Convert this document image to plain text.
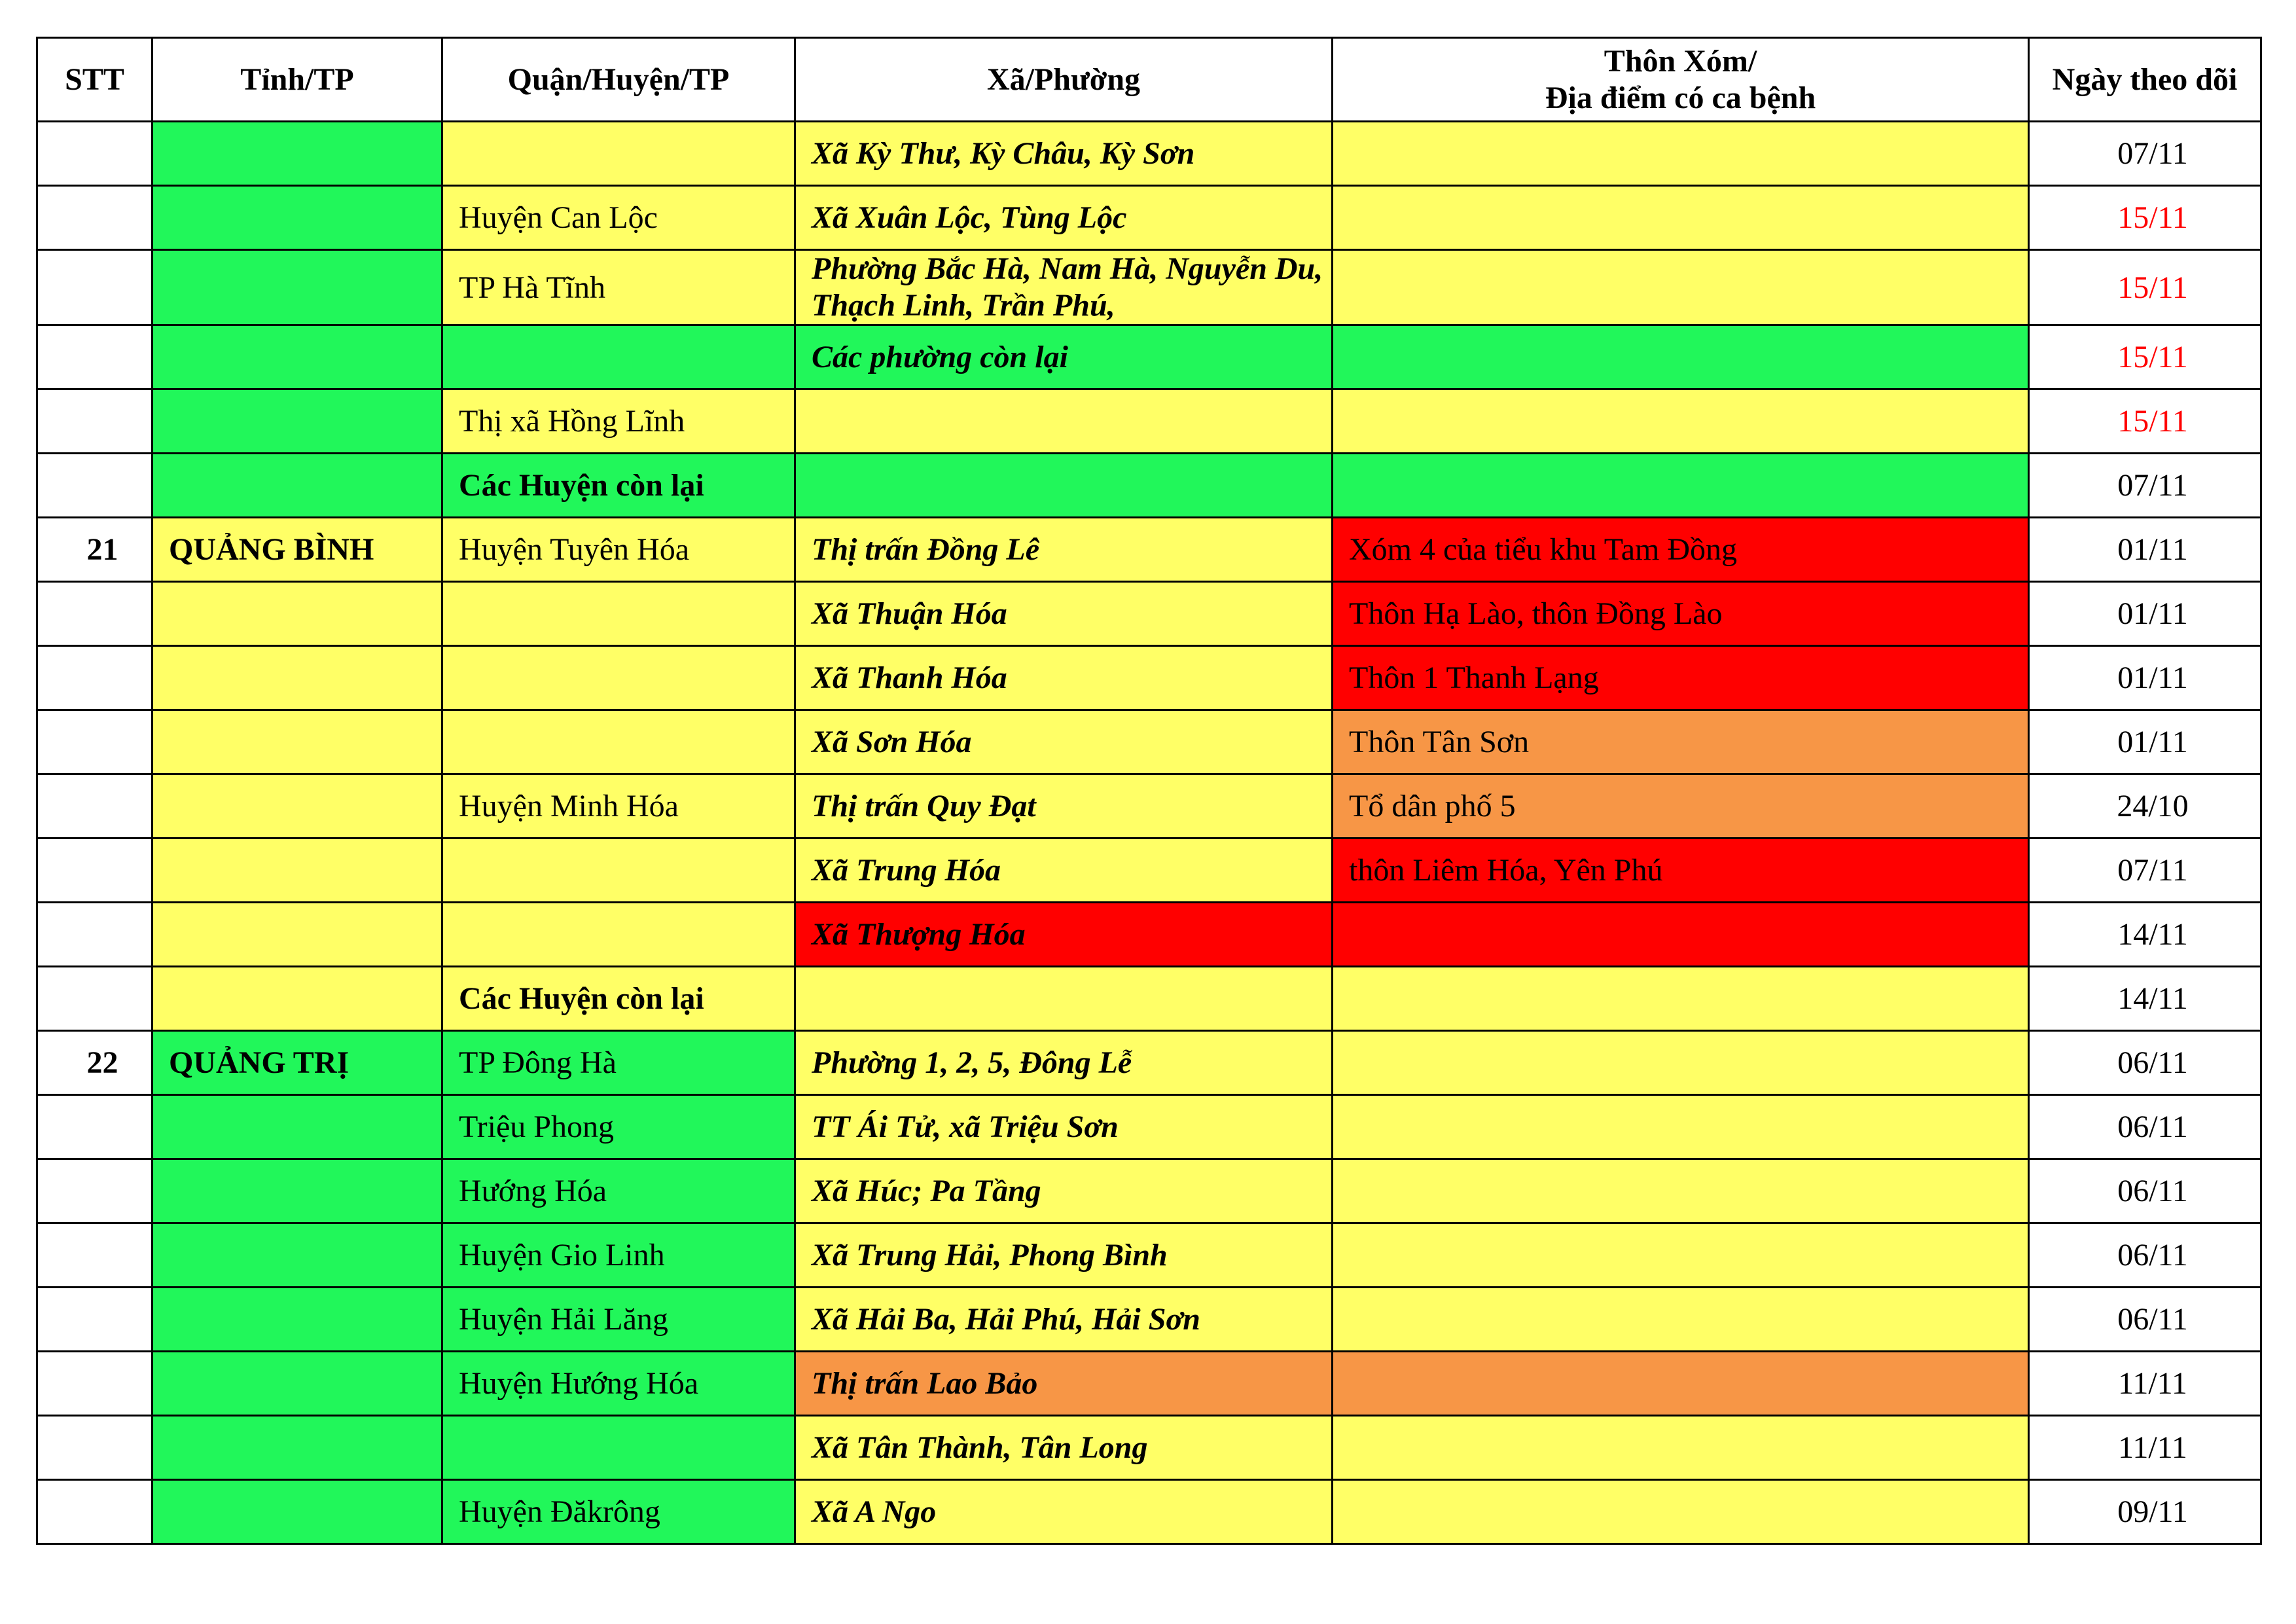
STT	Tỉnh/TP	Quận/Huyện/TP	Xã/Phường	Thôn Xóm/
Địa điểm có ca bệnh	Ngày theo dõi
			Xã Kỳ Thư, Kỳ Châu, Kỳ Sơn		07/11
		Huyện Can Lộc	Xã Xuân Lộc, Tùng Lộc		15/11
		TP Hà Tĩnh	Phường Bắc Hà, Nam Hà, Nguyễn Du, Thạch Linh, Trần Phú,		15/11
			Các phường còn lại		15/11
		Thị xã Hồng Lĩnh			15/11
		Các Huyện còn lại			07/11
21	QUẢNG BÌNH	Huyện Tuyên Hóa	Thị trấn Đồng Lê	Xóm 4 của tiểu khu Tam Đồng	01/11
			Xã Thuận Hóa	Thôn Hạ Lào, thôn Đồng Lào	01/11
			Xã Thanh Hóa	Thôn 1 Thanh Lạng	01/11
			Xã Sơn Hóa	Thôn Tân Sơn	01/11
		Huyện Minh Hóa	Thị trấn Quy Đạt	Tổ dân phố 5	24/10
			Xã Trung Hóa	thôn Liêm Hóa, Yên Phú	07/11
			Xã Thượng Hóa		14/11
		Các Huyện còn lại			14/11
22	QUẢNG TRỊ	TP Đông Hà	Phường 1, 2, 5, Đông Lễ		06/11
		Triệu Phong	TT Ái Tử, xã Triệu Sơn		06/11
		Hướng Hóa	Xã Húc; Pa Tầng		06/11
		Huyện Gio Linh	Xã Trung Hải, Phong Bình		06/11
		Huyện Hải Lăng	Xã Hải Ba, Hải Phú, Hải Sơn		06/11
		Huyện Hướng Hóa	Thị trấn Lao Bảo		11/11
			Xã Tân Thành, Tân Long		11/11
		Huyện Đăkrông	Xã A Ngo		09/11
